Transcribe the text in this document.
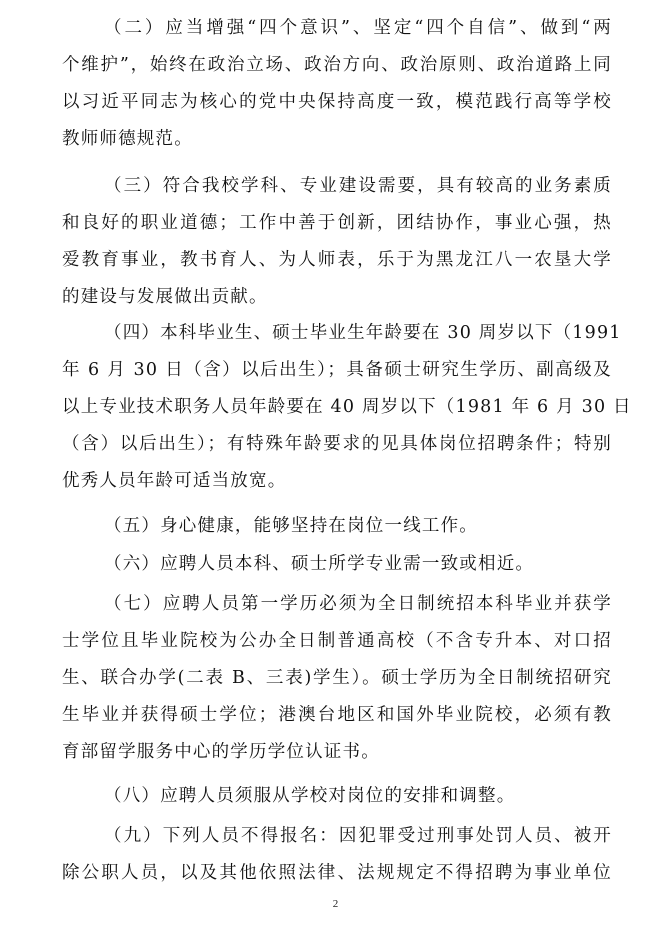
（二）应当增强“四个意识”、坚定“四个自信”、做到“两
个维护”，始终在政治立场、政治方向、政治原则、政治道路上同
以习近平同志为核心的党中央保持高度一致，模范践行高等学校
教师师德规范。
（三）符合我校学科、专业建设需要，具有较高的业务素质
和良好的职业道德；工作中善于创新，团结协作，事业心强，热
爱教育事业，教书育人、为人师表，乐于为黑龙江八一农垦大学
的建设与发展做出贡献。
（四）本科毕业生、硕士毕业生年龄要在 30 周岁以下（1991
年 6 月 30 日（含）以后出生）；具备硕士研究生学历、副高级及
以上专业技术职务人员年龄要在 40 周岁以下（1981 年 6 月 30 日
（含）以后出生）；有特殊年龄要求的见具体岗位招聘条件；特别
优秀人员年龄可适当放宽。
（五）身心健康，能够坚持在岗位一线工作。
（六）应聘人员本科、硕士所学专业需一致或相近。
（七）应聘人员第一学历必须为全日制统招本科毕业并获学
士学位且毕业院校为公办全日制普通高校（不含专升本、对口招
生、联合办学(二表 B、三表)学生）。硕士学历为全日制统招研究
生毕业并获得硕士学位；港澳台地区和国外毕业院校，必须有教
育部留学服务中心的学历学位认证书。
（八）应聘人员须服从学校对岗位的安排和调整。
（九）下列人员不得报名：因犯罪受过刑事处罚人员、被开
除公职人员，以及其他依照法律、法规规定不得招聘为事业单位
2
